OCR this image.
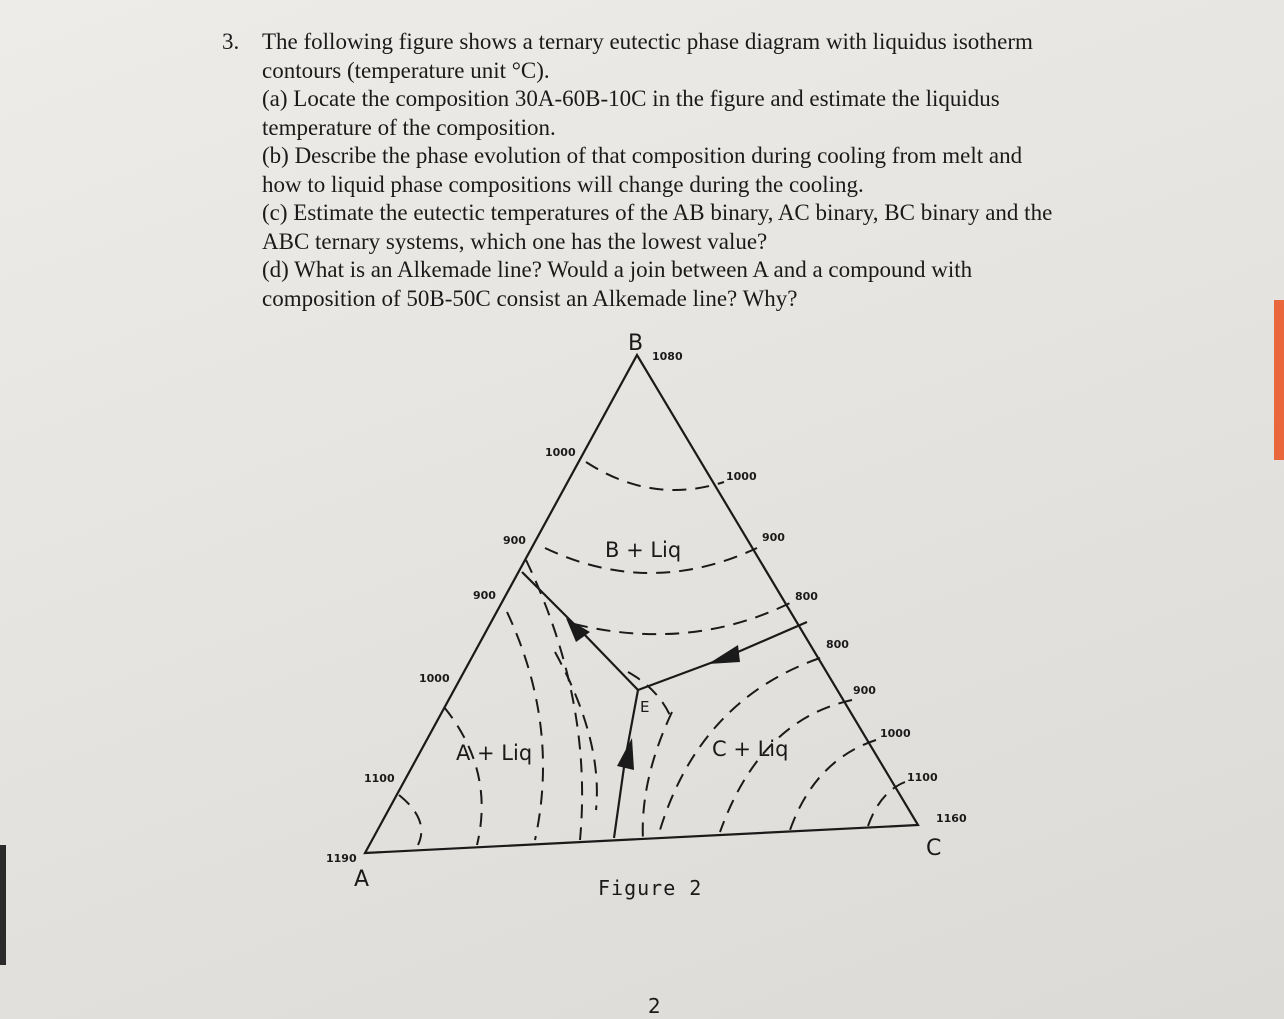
3. The following figure shows a ternary eutectic phase diagram with liquidus isotherm contours (temperature unit °C).

(a) Locate the composition 30A-60B-10C in the figure and estimate the liquidus temperature of the composition.

(b) Describe the phase evolution of that composition during cooling from melt and how to liquid phase compositions will change during the cooling.

(c) Estimate the eutectic temperatures of the AB binary, AC binary, BC binary and the ABC ternary systems, which one has the lowest value?

(d) What is an Alkemade line? Would a join between A and a compound with composition of 50B-50C consist an Alkemade line? Why?

B
A
C
1080
1190
1160
1000
900
900
1000
1100
1000
900
800
800
900
1000
1100
B + Liq
A + Liq	C + Liq
E
Figure 2
2
